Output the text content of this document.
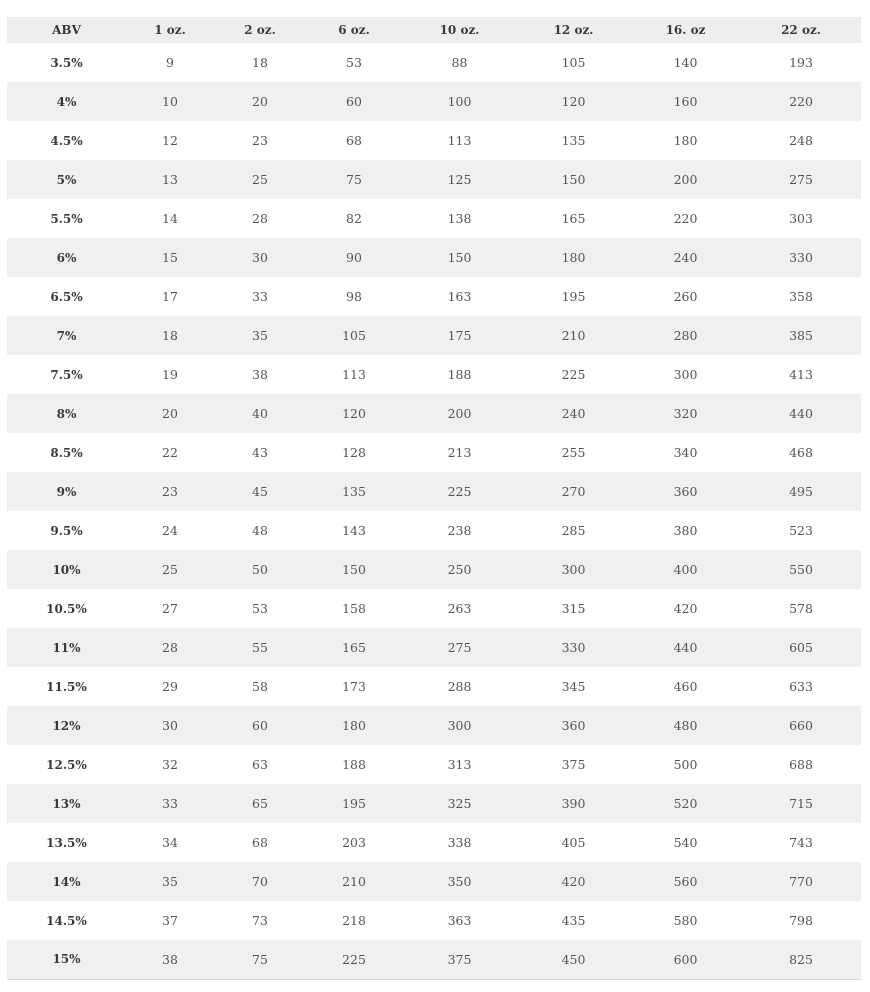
ABV	1 oz.	2 oz.	6 oz.	10 oz.	12 oz.	16. oz	22 oz.
3.5%	9	18	53	88	105	140	193
4%	10	20	60	100	120	160	220
4.5%	12	23	68	113	135	180	248
5%	13	25	75	125	150	200	275
5.5%	14	28	82	138	165	220	303
6%	15	30	90	150	180	240	330
6.5%	17	33	98	163	195	260	358
7%	18	35	105	175	210	280	385
7.5%	19	38	113	188	225	300	413
8%	20	40	120	200	240	320	440
8.5%	22	43	128	213	255	340	468
9%	23	45	135	225	270	360	495
9.5%	24	48	143	238	285	380	523
10%	25	50	150	250	300	400	550
10.5%	27	53	158	263	315	420	578
11%	28	55	165	275	330	440	605
11.5%	29	58	173	288	345	460	633
12%	30	60	180	300	360	480	660
12.5%	32	63	188	313	375	500	688
13%	33	65	195	325	390	520	715
13.5%	34	68	203	338	405	540	743
14%	35	70	210	350	420	560	770
14.5%	37	73	218	363	435	580	798
15%	38	75	225	375	450	600	825
